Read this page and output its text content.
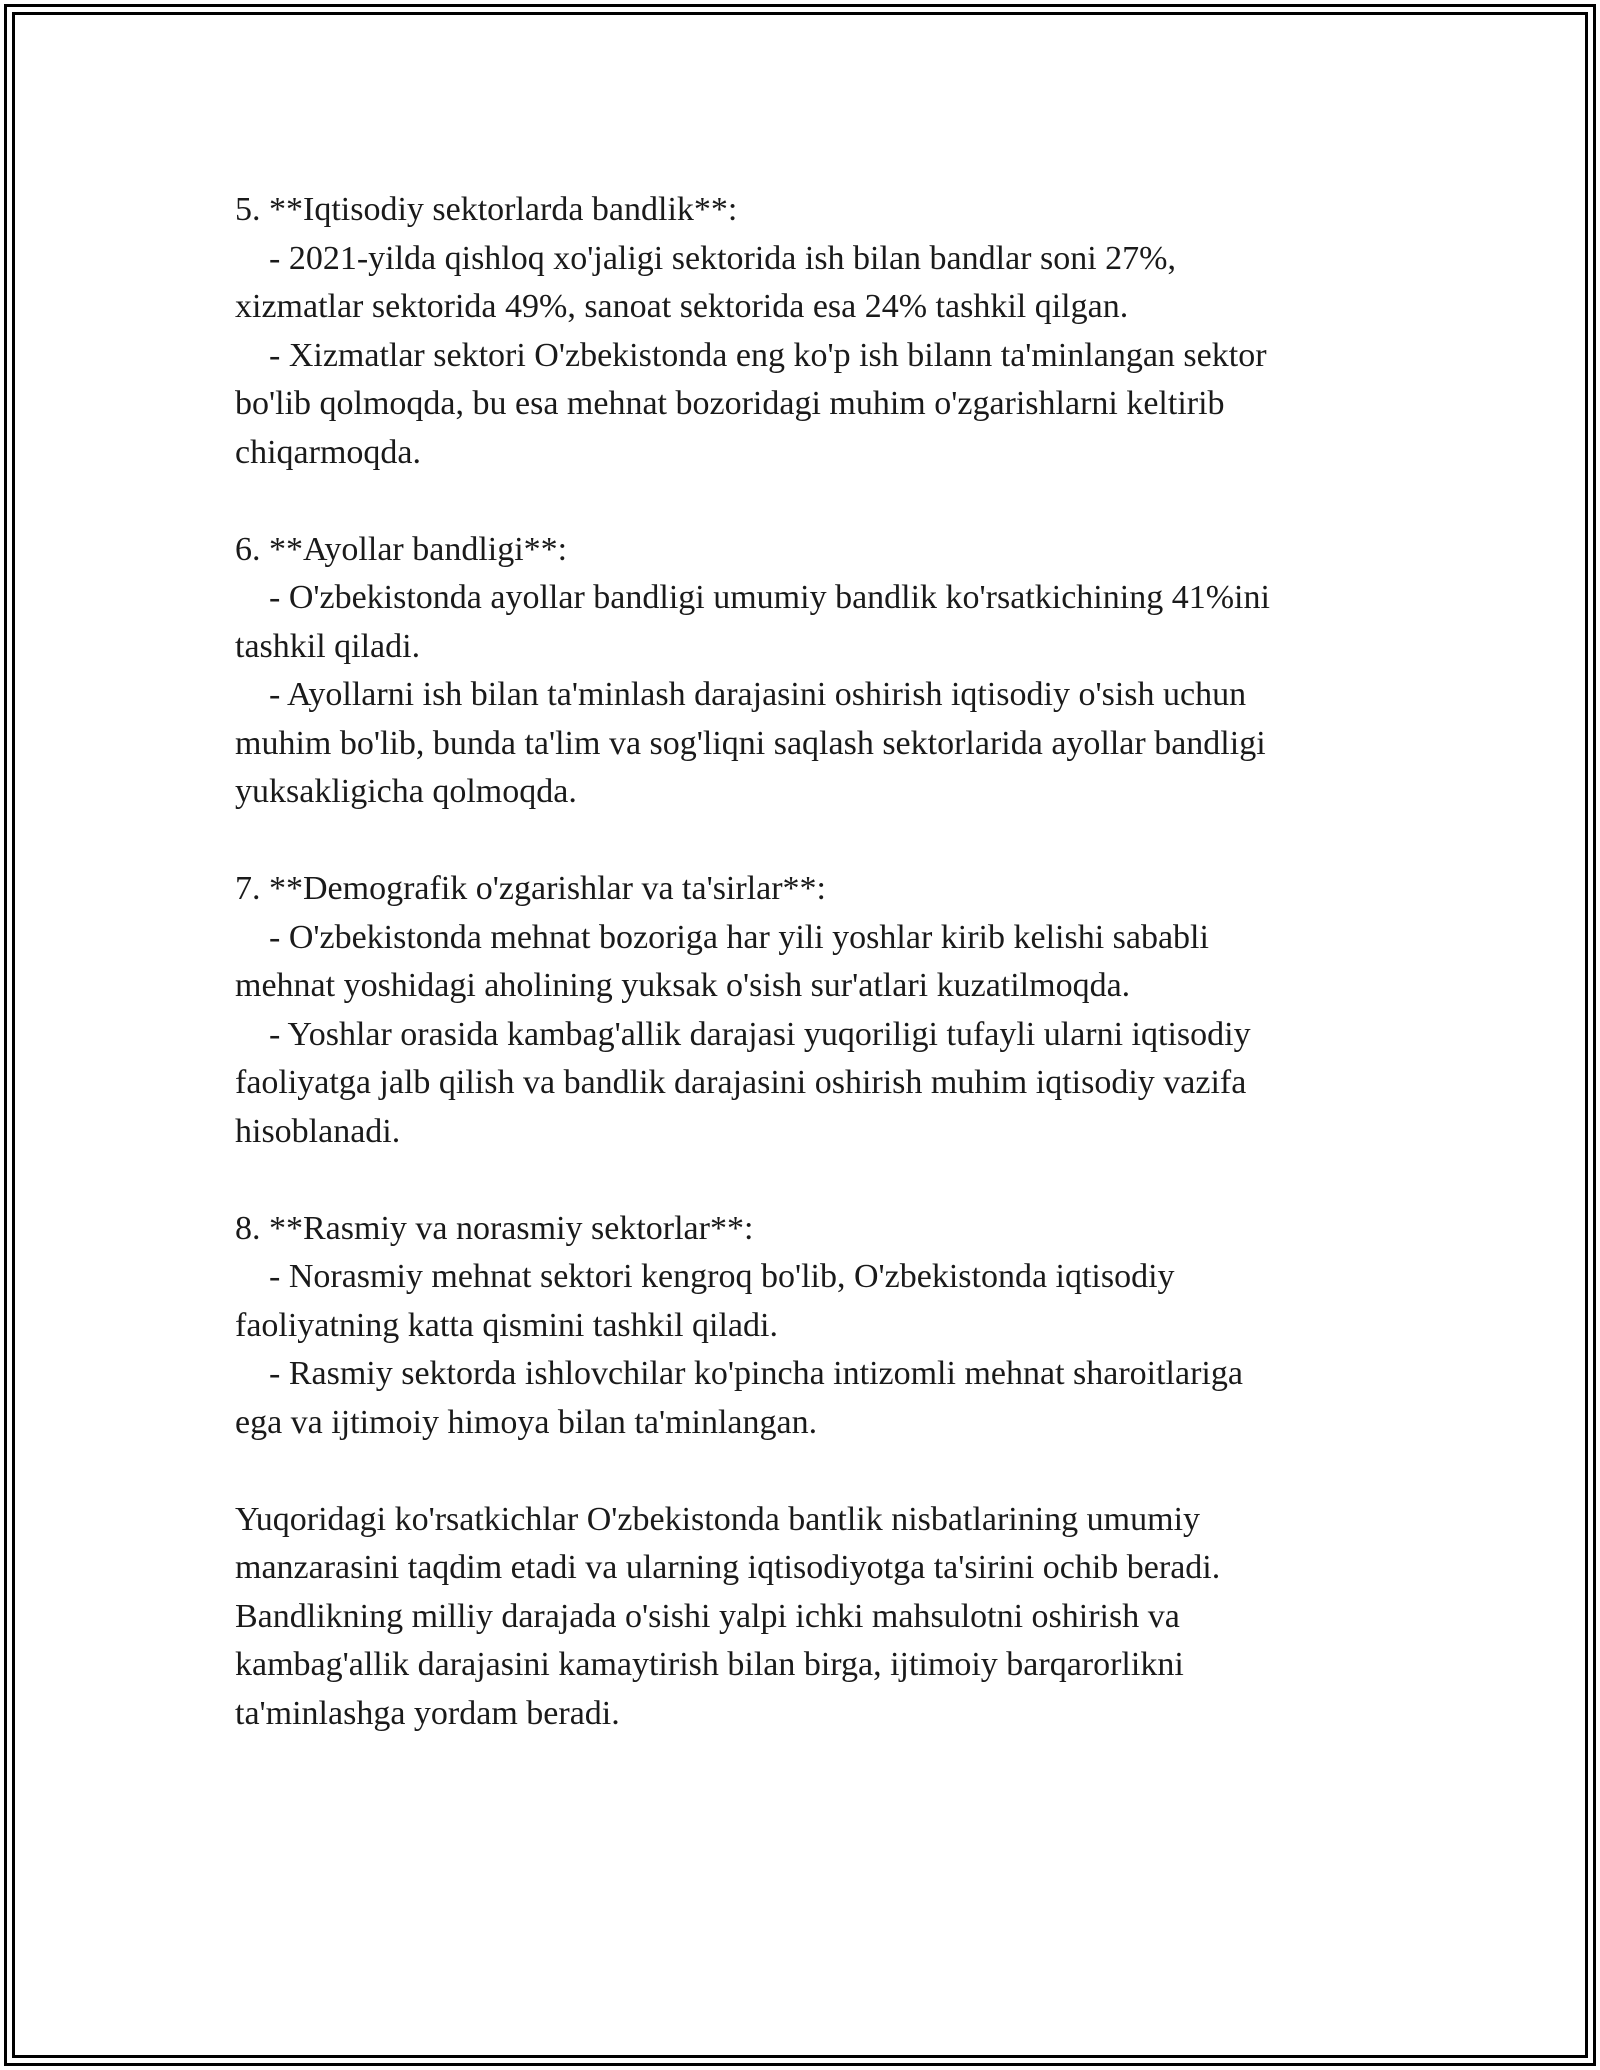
5. **Iqtisodiy sektorlarda bandlik**:

- 2021-yilda qishloq xo'jaligi sektorida ish bilan bandlar soni 27%,

xizmatlar sektorida 49%, sanoat sektorida esa 24% tashkil qilgan.

- Xizmatlar sektori O'zbekistonda eng ko'p ish bilann ta'minlangan sektor

bo'lib qolmoqda, bu esa mehnat bozoridagi muhim o'zgarishlarni keltirib

chiqarmoqda.

6. **Ayollar bandligi**:

- O'zbekistonda ayollar bandligi umumiy bandlik ko'rsatkichining 41%ini

tashkil qiladi.

- Ayollarni ish bilan ta'minlash darajasini oshirish iqtisodiy o'sish uchun

muhim bo'lib, bunda ta'lim va sog'liqni saqlash sektorlarida ayollar bandligi

yuksakligicha qolmoqda.

7. **Demografik o'zgarishlar va ta'sirlar**:

- O'zbekistonda mehnat bozoriga har yili yoshlar kirib kelishi sababli

mehnat yoshidagi aholining yuksak o'sish sur'atlari kuzatilmoqda.

- Yoshlar orasida kambag'allik darajasi yuqoriligi tufayli ularni iqtisodiy

faoliyatga jalb qilish va bandlik darajasini oshirish muhim iqtisodiy vazifa

hisoblanadi.

8. **Rasmiy va norasmiy sektorlar**:

- Norasmiy mehnat sektori kengroq bo'lib, O'zbekistonda iqtisodiy

faoliyatning katta qismini tashkil qiladi.

- Rasmiy sektorda ishlovchilar ko'pincha intizomli mehnat sharoitlariga

ega va ijtimoiy himoya bilan ta'minlangan.

Yuqoridagi ko'rsatkichlar O'zbekistonda bantlik nisbatlarining umumiy

manzarasini taqdim etadi va ularning iqtisodiyotga ta'sirini ochib beradi.

Bandlikning milliy darajada o'sishi yalpi ichki mahsulotni oshirish va

kambag'allik darajasini kamaytirish bilan birga, ijtimoiy barqarorlikni

ta'minlashga yordam beradi.
